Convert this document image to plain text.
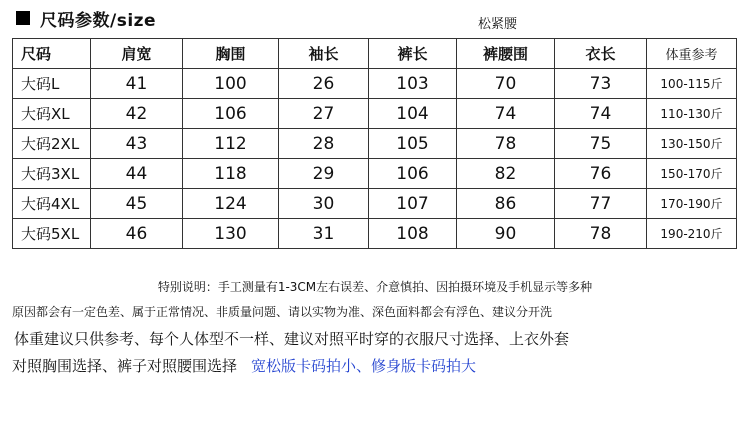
尺码参数/size	松紧腰
尺码	肩宽	胸围	袖长	裤长	裤腰围	衣长	体重参考
大码L	41	100	26	103	70	73	100-115斤
大码XL	42	106	27	104	74	74	110-130斤
大码2XL	43	112	28	105	78	75	130-150斤
大码3XL	44	118	29	106	82	76	150-170斤
大码4XL	45	124	30	107	86	77	170-190斤
大码5XL	46	130	31	108	90	78	190-210斤
特别说明：手工测量有1-3CM左右误差、介意慎拍、因拍摄环境及手机显示等多种
原因都会有一定色差、属于正常情况、非质量问题、请以实物为准、深色面料都会有浮色、建议分开洗
体重建议只供参考、每个人体型不一样、建议对照平时穿的衣服尺寸选择、上衣外套
对照胸围选择、裤子对照腰围选择 宽松版卡码拍小、修身版卡码拍大
